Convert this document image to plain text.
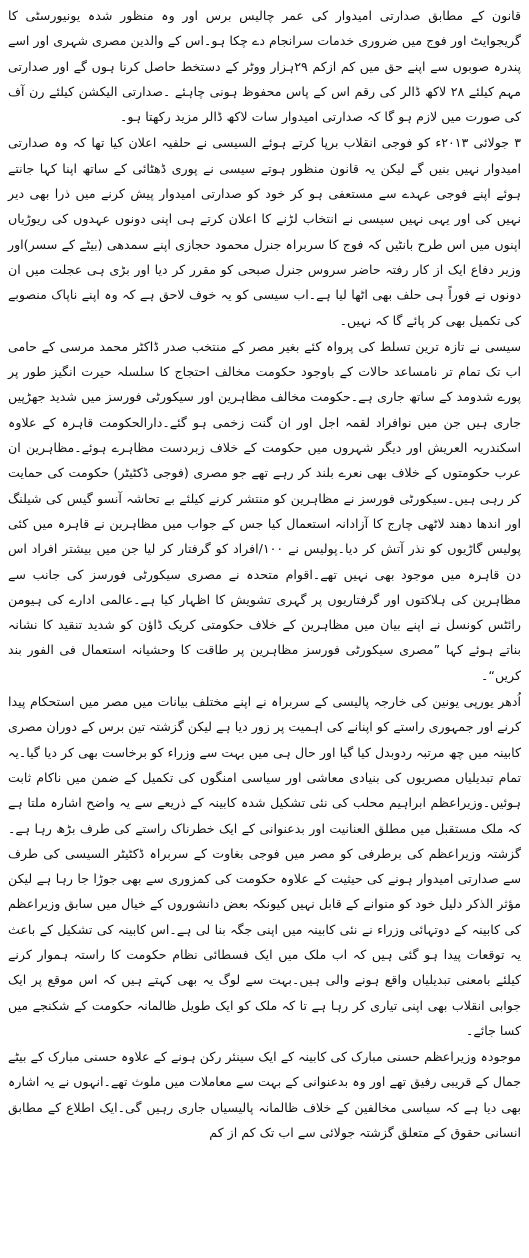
قانون کے مطابق صدارتی امیدوار کی عمر چالیس برس اور وہ منظور شدہ یونیورسٹی کا گریجوایٹ اور فوج میں ضروری خدمات سرانجام دے چکا ہو۔اس کے والدین مصری شہری اور اسے پندرہ صوبوں سے اپنے حق میں کم ازکم ۲۹ہزار ووٹر کے دستخط حاصل کرنا ہوں گے اور صدارتی مہم کیلئے ۲۸ لاکھ ڈالر کی رقم اس کے پاس محفوظ ہونی چاہئے ۔صدارتی الیکشن کیلئے رن آف کی صورت میں لازم ہو گا کہ صدارتی امیدوار سات لاکھ ڈالر مزید رکھتا ہو۔

۳ جولائی ۲۰۱۳ء کو فوجی انقلاب برپا کرتے ہوئے السیسی نے حلفیہ اعلان کیا تھا کہ وہ صدارتی امیدوار نہیں بنیں گے لیکن یہ قانون منظور ہوتے سیسی نے پوری ڈھٹائی کے ساتھ اپنا کہا جانتے ہوئے اپنے فوجی عہدے سے مستعفی ہو کر خود کو صدارتی امیدوار پیش کرنے میں ذرا بھی دیر نہیں کی اور یہی نہیں سیسی نے انتخاب لڑنے کا اعلان کرتے ہی اپنی دونوں عہدوں کی ریوڑیاں اپنوں میں اس طرح بانٹیں کہ فوج کا سربراہ جنرل محمود حجازی اپنے سمدھی (بیٹے کے سسر)اور وزیر دفاع ایک از کار رفتہ حاضر سروس جنرل صبحی کو مقرر کر دیا اور بڑی ہی عجلت میں ان دونوں نے فوراً ہی حلف بھی اٹھا لیا ہے۔اب سیسی کو یہ خوف لاحق ہے کہ وہ اپنے ناپاک منصوبے کی تکمیل بھی کر پائے گا کہ نہیں۔

سیسی نے تازہ ترین تسلط کی پرواہ کئے بغیر مصر کے منتخب صدر ڈاکٹر محمد مرسی کے حامی اب تک تمام تر نامساعد حالات کے باوجود حکومت مخالف احتجاج کا سلسلہ حیرت انگیز طور پر پورے شدومد کے ساتھ جاری ہے۔حکومت مخالف مظاہرین اور سیکورٹی فورسز میں شدید جھڑپیں جاری ہیں جن میں نوافراد لقمہ اجل اور ان گنت زخمی ہو گئے۔دارالحکومت قاہرہ کے علاوہ اسکندریہ العریش اور دیگر شہروں میں حکومت کے خلاف زبردست مظاہرے ہوئے۔مظاہرین ان عرب حکومتوں کے خلاف بھی نعرے بلند کر رہے تھے جو مصری (فوجی ڈکٹیٹر) حکومت کی حمایت کر رہی ہیں۔سیکورٹی فورسز نے مظاہرین کو منتشر کرنے کیلئے بے تحاشہ آنسو گیس کی شیلنگ اور اندھا دھند لاٹھی چارج کا آزادانہ استعمال کیا جس کے جواب میں مظاہرین نے قاہرہ میں کئی پولیس گاڑیوں کو نذر آتش کر دیا۔پولیس نے ۱۰۰/افراد کو گرفتار کر لیا جن میں بیشتر افراد اس دن قاہرہ میں موجود بھی نہیں تھے۔اقوام متحدہ نے مصری سیکورٹی فورسز کی جانب سے مظاہرین کی ہلاکتوں اور گرفتاریوں پر گہری تشویش کا اظہار کیا ہے۔عالمی ادارے کی ہیومن رائٹس کونسل نے اپنے بیان میں مظاہرین کے خلاف حکومتی کریک ڈاؤن کو شدید تنقید کا نشانہ بناتے ہوئے کہا ”مصری سیکورٹی فورسز مظاہرین پر طاقت کا وحشیانہ استعمال فی الفور بند کریں“۔

اُدھر یورپی یونین کی خارجہ پالیسی کے سربراہ نے اپنے مختلف بیانات میں مصر میں استحکام پیدا کرنے اور جمہوری راستے کو اپنانے کی اہمیت پر زور دیا ہے لیکن گزشتہ تین برس کے دوران مصری کابینہ میں چھ مرتبہ ردوبدل کیا گیا اور حال ہی میں بہت سے وزراء کو برخاست بھی کر دیا گیا۔یہ تمام تبدیلیاں مصریوں کی بنیادی معاشی اور سیاسی امنگوں کی تکمیل کے ضمن میں ناکام ثابت ہوئیں۔وزیراعظم ابراہیم محلب کی نئی تشکیل شدہ کابینہ کے ذریعے سے یہ واضح اشارہ ملتا ہے کہ ملک مستقبل میں مطلق العنانیت اور بدعنوانی کے ایک خطرناک راستے کی طرف بڑھ رہا ہے۔گزشتہ وزیراعظم کی برطرفی کو مصر میں فوجی بغاوت کے سربراہ ڈکٹیٹر السیسی کی طرف سے صدارتی امیدوار ہونے کی حیثیت کے علاوہ حکومت کی کمزوری سے بھی جوڑا جا رہا ہے لیکن مؤثر الذکر دلیل خود کو منوانے کے قابل نہیں کیونکہ بعض دانشوروں کے خیال میں سابق وزیراعظم کی کابینہ کے دوتہائی وزراء نے نئی کابینہ میں اپنی جگہ بنا لی ہے۔اس کابینہ کی تشکیل کے باعث یہ توقعات پیدا ہو گئی ہیں کہ اب ملک میں ایک فسطائی نظام حکومت کا راستہ ہموار کرنے کیلئے بامعنی تبدیلیاں واقع ہونے والی ہیں۔بہت سے لوگ یہ بھی کہتے ہیں کہ اس موقع پر ایک جوابی انقلاب بھی اپنی تیاری کر رہا ہے تا کہ ملک کو ایک طویل ظالمانہ حکومت کے شکنجے میں کسا جائے۔

موجودہ وزیراعظم حسنی مبارک کی کابینہ کے ایک سینئر رکن ہونے کے علاوہ حسنی مبارک کے بیٹے جمال کے قریبی رفیق تھے اور وہ بدعنوانی کے بہت سے معاملات میں ملوث تھے۔انہوں نے یہ اشارہ بھی دیا ہے کہ سیاسی مخالفین کے خلاف ظالمانہ پالیسیاں جاری رہیں گی۔ایک اطلاع کے مطابق انسانی حقوق کے متعلق گزشتہ جولائی سے اب تک کم از کم
